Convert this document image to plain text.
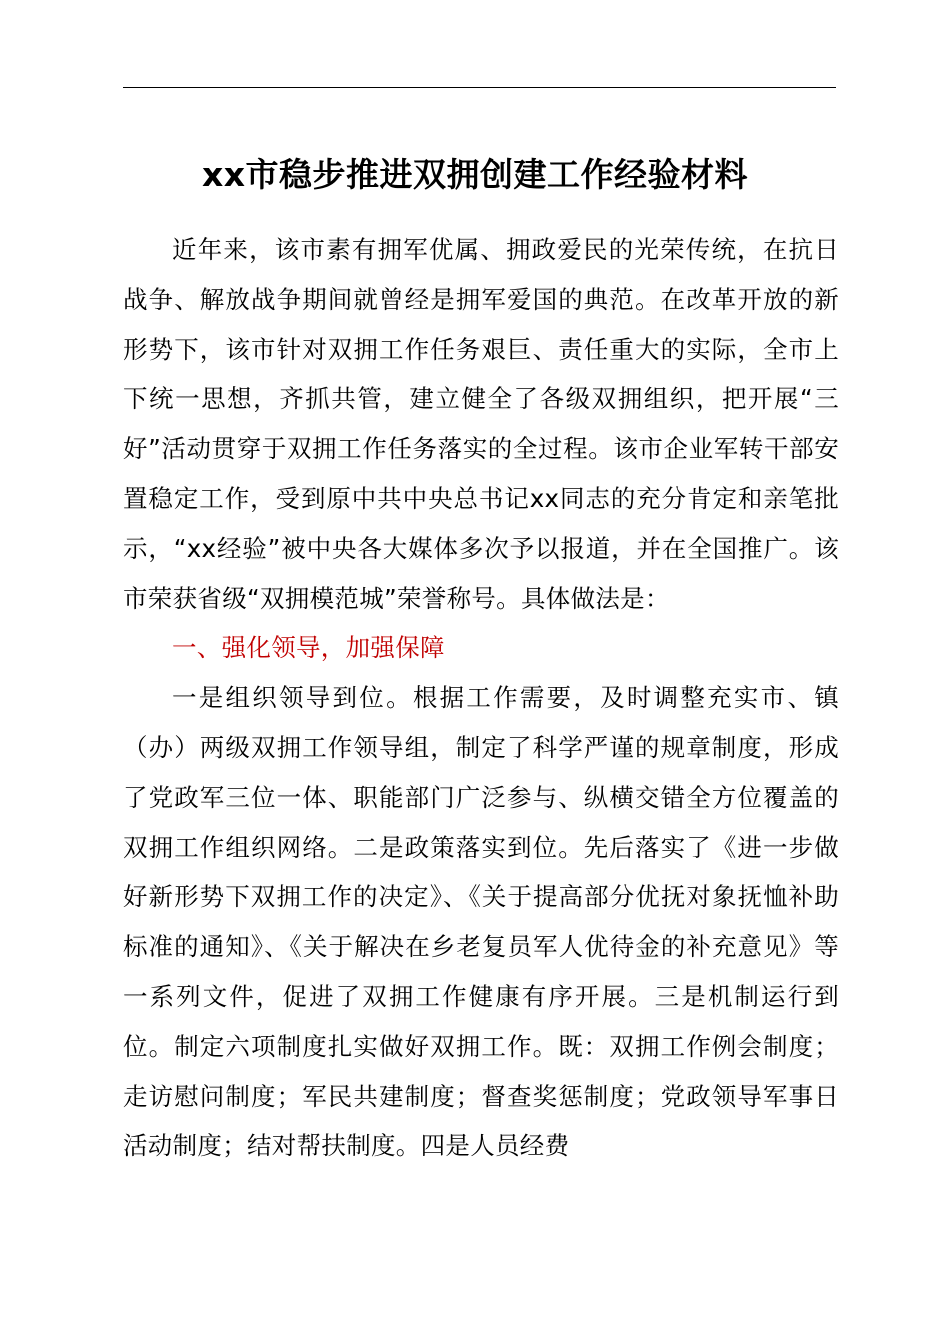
xx市稳步推进双拥创建工作经验材料

近年来，该市素有拥军优属、拥政爱民的光荣传统，在抗日战争、解放战争期间就曾经是拥军爱国的典范。在改革开放的新形势下，该市针对双拥工作任务艰巨、责任重大的实际，全市上下统一思想，齐抓共管，建立健全了各级双拥组织，把开展“三好”活动贯穿于双拥工作任务落实的全过程。该市企业军转干部安置稳定工作，受到原中共中央总书记xx同志的充分肯定和亲笔批示，“xx经验”被中央各大媒体多次予以报道，并在全国推广。该市荣获省级“双拥模范城”荣誉称号。具体做法是：

一、强化领导，加强保障

一是组织领导到位。根据工作需要，及时调整充实市、镇（办）两级双拥工作领导组，制定了科学严谨的规章制度，形成了党政军三位一体、职能部门广泛参与、纵横交错全方位覆盖的双拥工作组织网络。二是政策落实到位。先后落实了《进一步做好新形势下双拥工作的决定》、《关于提高部分优抚对象抚恤补助标准的通知》、《关于解决在乡老复员军人优待金的补充意见》等一系列文件，促进了双拥工作健康有序开展。三是机制运行到位。制定六项制度扎实做好双拥工作。既：双拥工作例会制度；走访慰问制度；军民共建制度；督查奖惩制度；党政领导军事日活动制度；结对帮扶制度。四是人员经费
